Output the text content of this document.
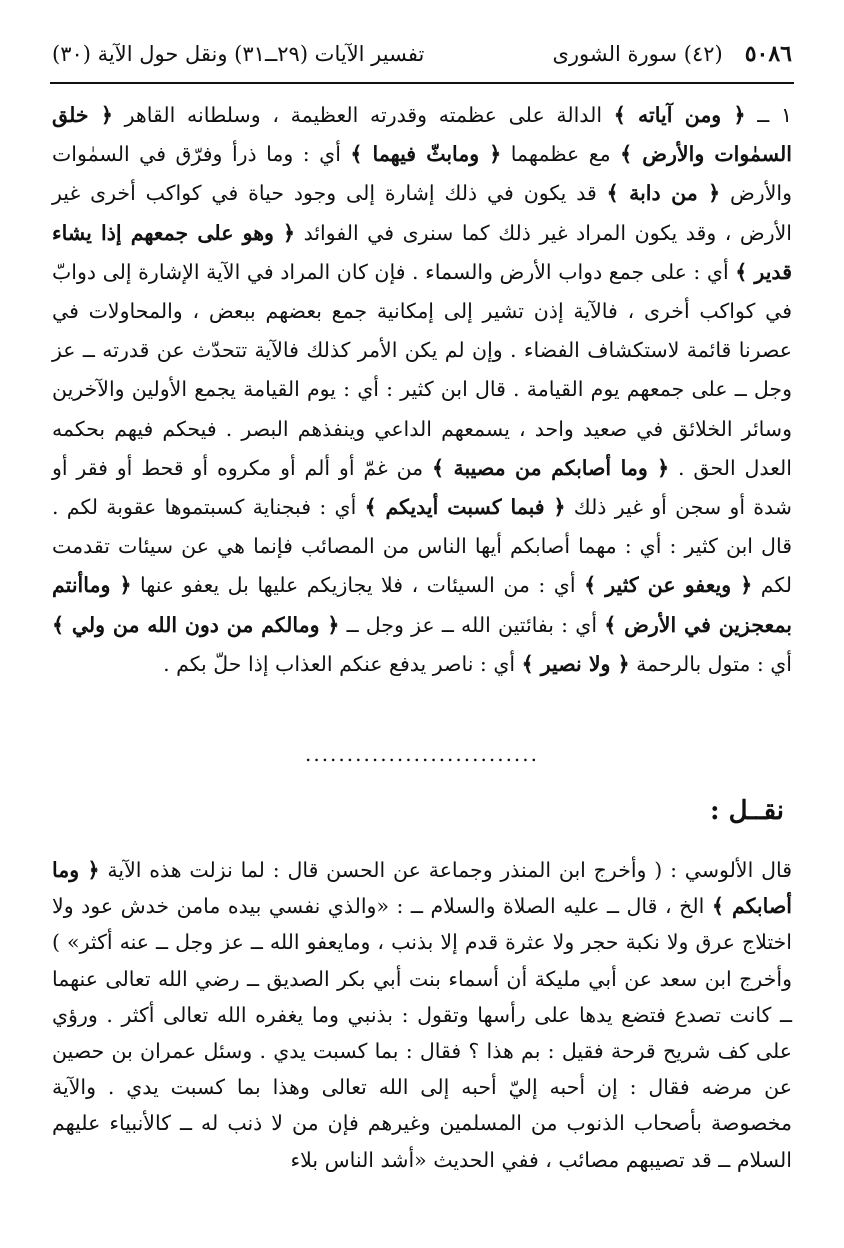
٥٠٨٦
(٤٢) سورة الشورى
تفسير الآيات (٢٩ــ٣١) ونقل حول الآية (٣٠)

١ ــ ﴿ ومن آياته ﴾ الدالة على عظمته وقدرته العظيمة ، وسلطانه القاهر ﴿ خلق السمٰوات والأرض ﴾ مع عظمهما ﴿ ومابثّ فيهما ﴾ أي : وما ذرأ وفرّق في السمٰوات والأرض ﴿ من دابة ﴾ قد يكون في ذلك إشارة إلى وجود حياة في كواكب أخرى غير الأرض ، وقد يكون المراد غير ذلك كما سنرى في الفوائد ﴿ وهو على جمعهم إذا يشاء قدير ﴾ أي : على جمع دواب الأرض والسماء . فإن كان المراد في الآية الإشارة إلى دوابّ في كواكب أخرى ، فالآية إذن تشير إلى إمكانية جمع بعضهم ببعض ، والمحاولات في عصرنا قائمة لاستكشاف الفضاء . وإن لم يكن الأمر كذلك فالآية تتحدّث عن قدرته ــ عز وجل ــ على جمعهم يوم القيامة . قال ابن كثير : أي : يوم القيامة يجمع الأولين والآخرين وسائر الخلائق في صعيد واحد ، يسمعهم الداعي وينفذهم البصر . فيحكم فيهم بحكمه العدل الحق . ﴿ وما أصابكم من مصيبة ﴾ من غمّ أو ألم أو مكروه أو قحط أو فقر أو شدة أو سجن أو غير ذلك ﴿ فبما كسبت أيديكم ﴾ أي : فبجناية كسبتموها عقوبة لكم . قال ابن كثير : أي : مهما أصابكم أيها الناس من المصائب فإنما هي عن سيئات تقدمت لكم ﴿ ويعفو عن كثير ﴾ أي : من السيئات ، فلا يجازيكم عليها بل يعفو عنها ﴿ وماأنتم بمعجزين في الأرض ﴾ أي : بفائتين الله ــ عز وجل ــ ﴿ ومالكم من دون الله من ولي ﴾ أي : متول بالرحمة ﴿ ولا نصير ﴾ أي : ناصر يدفع عنكم العذاب إذا حلّ بكم .

............................
نقــل :

قال الألوسي : ( وأخرج ابن المنذر وجماعة عن الحسن قال : لما نزلت هذه الآية ﴿ وما أصابكم ﴾ الخ ، قال ــ عليه الصلاة والسلام ــ : «والذي نفسي بيده مامن خدش عود ولا اختلاج عرق ولا نكبة حجر ولا عثرة قدم إلا بذنب ، ومايعفو الله ــ عز وجل ــ عنه أكثر» ) وأخرج ابن سعد عن أبي مليكة أن أسماء بنت أبي بكر الصديق ــ رضي الله تعالى عنهما ــ كانت تصدع فتضع يدها على رأسها وتقول : بذنبي وما يغفره الله تعالى أكثر . ورؤي على كف شريح قرحة فقيل : بم هذا ؟ فقال : بما كسبت يدي . وسئل عمران بن حصين عن مرضه فقال : إن أحبه إليّ أحبه إلى الله تعالى وهذا بما كسبت يدي . والآية مخصوصة بأصحاب الذنوب من المسلمين وغيرهم فإن من لا ذنب له ــ كالأنبياء عليهم السلام ــ قد تصيبهم مصائب ، ففي الحديث «أشد الناس بلاء
